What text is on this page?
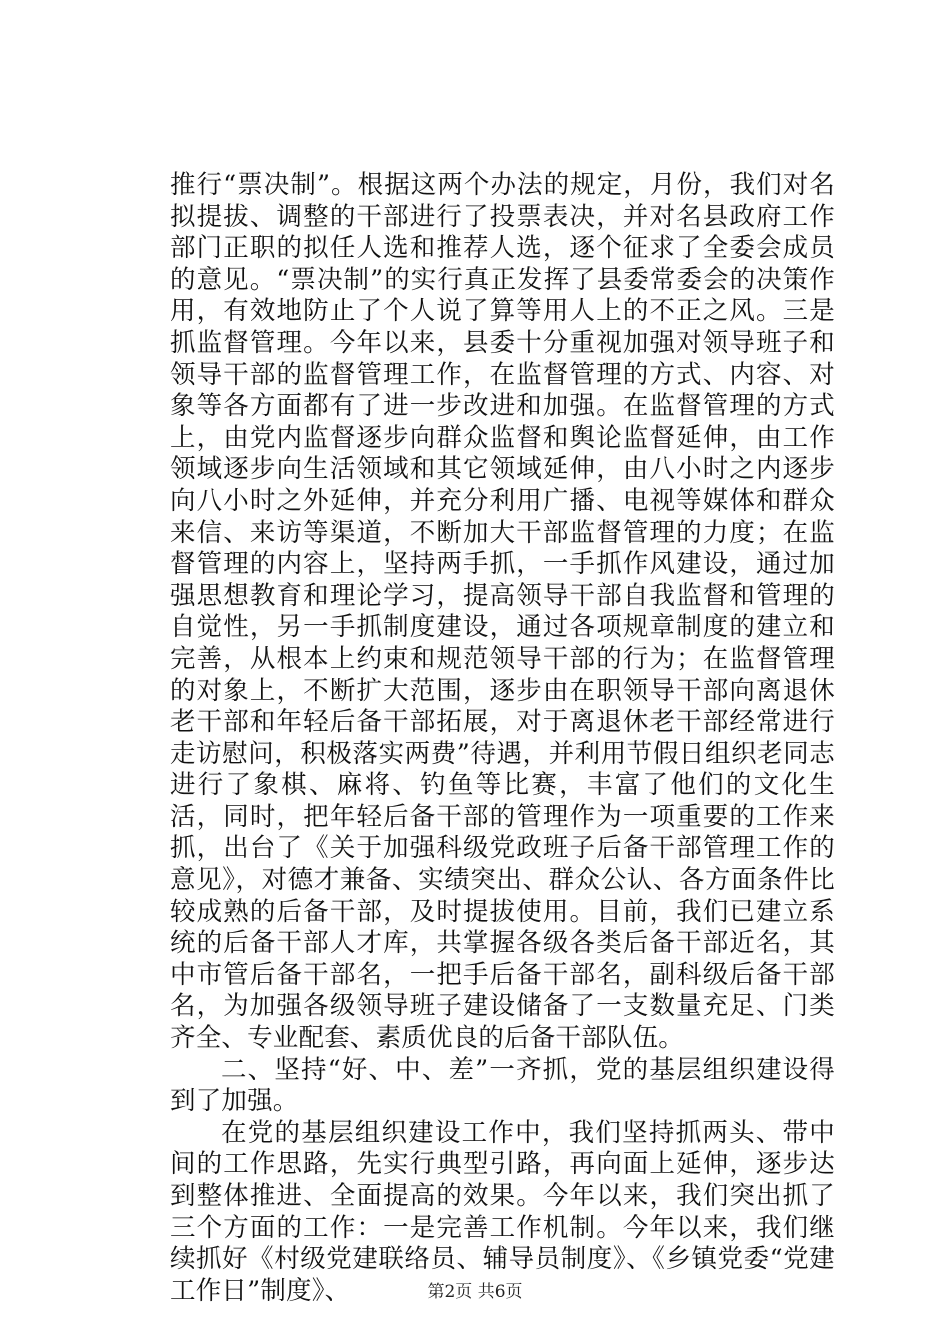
推行“票决制”。根据这两个办法的规定，月份，我们对名拟提拔、调整的干部进行了投票表决，并对名县政府工作部门正职的拟任人选和推荐人选，逐个征求了全委会成员的意见。“票决制”的实行真正发挥了县委常委会的决策作用，有效地防止了个人说了算等用人上的不正之风。三是抓监督管理。今年以来，县委十分重视加强对领导班子和领导干部的监督管理工作，在监督管理的方式、内容、对象等各方面都有了进一步改进和加强。在监督管理的方式上，由党内监督逐步向群众监督和舆论监督延伸，由工作领域逐步向生活领域和其它领域延伸，由八小时之内逐步向八小时之外延伸，并充分利用广播、电视等媒体和群众来信、来访等渠道，不断加大干部监督管理的力度；在监督管理的内容上，坚持两手抓，一手抓作风建设，通过加强思想教育和理论学习，提高领导干部自我监督和管理的自觉性，另一手抓制度建设，通过各项规章制度的建立和完善，从根本上约束和规范领导干部的行为；在监督管理的对象上，不断扩大范围，逐步由在职领导干部向离退休老干部和年轻后备干部拓展，对于离退休老干部经常进行走访慰问，积极落实两费”待遇，并利用节假日组织老同志进行了象棋、麻将、钓鱼等比赛，丰富了他们的文化生活，同时，把年轻后备干部的管理作为一项重要的工作来抓，出台了《关于加强科级党政班子后备干部管理工作的意见》，对德才兼备、实绩突出、群众公认、各方面条件比较成熟的后备干部，及时提拔使用。目前，我们已建立系统的后备干部人才库，共掌握各级各类后备干部近名，其中市管后备干部名，一把手后备干部名，副科级后备干部名，为加强各级领导班子建设储备了一支数量充足、门类齐全、专业配套、素质优良的后备干部队伍。

二、坚持“好、中、差”一齐抓，党的基层组织建设得到了加强。

在党的基层组织建设工作中，我们坚持抓两头、带中间的工作思路，先实行典型引路，再向面上延伸，逐步达到整体推进、全面提高的效果。今年以来，我们突出抓了三个方面的工作：一是完善工作机制。今年以来，我们继续抓好《村级党建联络员、辅导员制度》、《乡镇党委“党建工作日”制度》、	第2页 共6页
